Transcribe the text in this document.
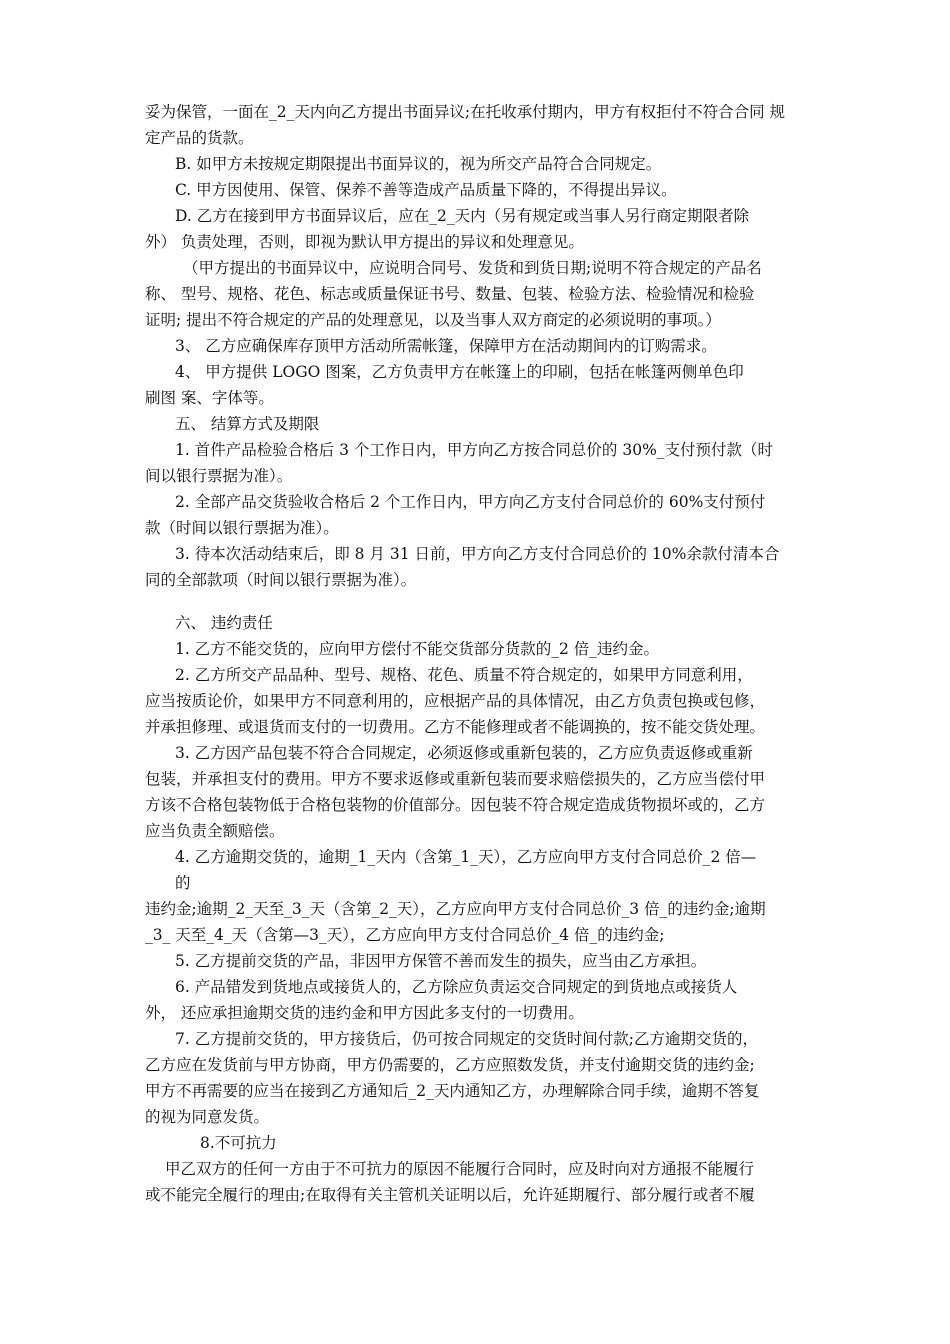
妥为保管，一面在_2_天内向乙方提出书面异议;在托收承付期内，甲方有权拒付不符合合同 规
定产品的货款。
B. 如甲方未按规定期限提出书面异议的，视为所交产品符合合同规定。
C. 甲方因使用、保管、保养不善等造成产品质量下降的，不得提出异议。
D. 乙方在接到甲方书面异议后，应在_2_天内（另有规定或当事人另行商定期限者除
外） 负责处理，否则，即视为默认甲方提出的异议和处理意见。
（甲方提出的书面异议中，应说明合同号、发货和到货日期;说明不符合规定的产品名
称、 型号、规格、花色、标志或质量保证书号、数量、包装、检验方法、检验情况和检验
证明; 提出不符合规定的产品的处理意见，以及当事人双方商定的必须说明的事项。）
3、 乙方应确保库存顶甲方活动所需帐篷，保障甲方在活动期间内的订购需求。
4、 甲方提供 LOGO 图案，乙方负责甲方在帐篷上的印刷，包括在帐篷两侧单色印
刷图 案、字体等。
五、 结算方式及期限
1. 首件产品检验合格后 3 个工作日内，甲方向乙方按合同总价的 30%_支付预付款（时
间以银行票据为准）。
2. 全部产品交货验收合格后 2 个工作日内，甲方向乙方支付合同总价的 60%支付预付
款（时间以银行票据为准）。
3. 待本次活动结束后，即 8 月 31 日前，甲方向乙方支付合同总价的 10%余款付清本合
同的全部款项（时间以银行票据为准）。
六、 违约责任
1. 乙方不能交货的，应向甲方偿付不能交货部分货款的_2 倍_违约金。
2. 乙方所交产品品种、型号、规格、花色、质量不符合规定的，如果甲方同意利用，
应当按质论价，如果甲方不同意利用的，应根据产品的具体情况，由乙方负责包换或包修，
并承担修理、或退货而支付的一切费用。乙方不能修理或者不能调换的，按不能交货处理。
3. 乙方因产品包装不符合合同规定，必须返修或重新包装的，乙方应负责返修或重新
包装，并承担支付的费用。甲方不要求返修或重新包装而要求赔偿损失的，乙方应当偿付甲
方该不合格包装物低于合格包装物的价值部分。因包装不符合规定造成货物损坏或的，乙方
应当负责全额赔偿。
4. 乙方逾期交货的，逾期_1_天内（含第_1_天），乙方应向甲方支付合同总价_2 倍—
的
违约金;逾期_2_天至_3_天（含第_2_天），乙方应向甲方支付合同总价_3 倍_的违约金;逾期
_3_ 天至_4_天（含第—3_天），乙方应向甲方支付合同总价_4 倍_的违约金;
5. 乙方提前交货的产品，非因甲方保管不善而发生的损失，应当由乙方承担。
6. 产品错发到货地点或接货人的，乙方除应负责运交合同规定的到货地点或接货人
外， 还应承担逾期交货的违约金和甲方因此多支付的一切费用。
7. 乙方提前交货的，甲方接货后，仍可按合同规定的交货时间付款;乙方逾期交货的，
乙方应在发货前与甲方协商，甲方仍需要的，乙方应照数发货，并支付逾期交货的违约金;
甲方不再需要的应当在接到乙方通知后_2_天内通知乙方，办理解除合同手续，逾期不答复
的视为同意发货。
8.不可抗力
甲乙双方的任何一方由于不可抗力的原因不能履行合同时，应及时向对方通报不能履行
或不能完全履行的理由;在取得有关主管机关证明以后，允许延期履行、部分履行或者不履
